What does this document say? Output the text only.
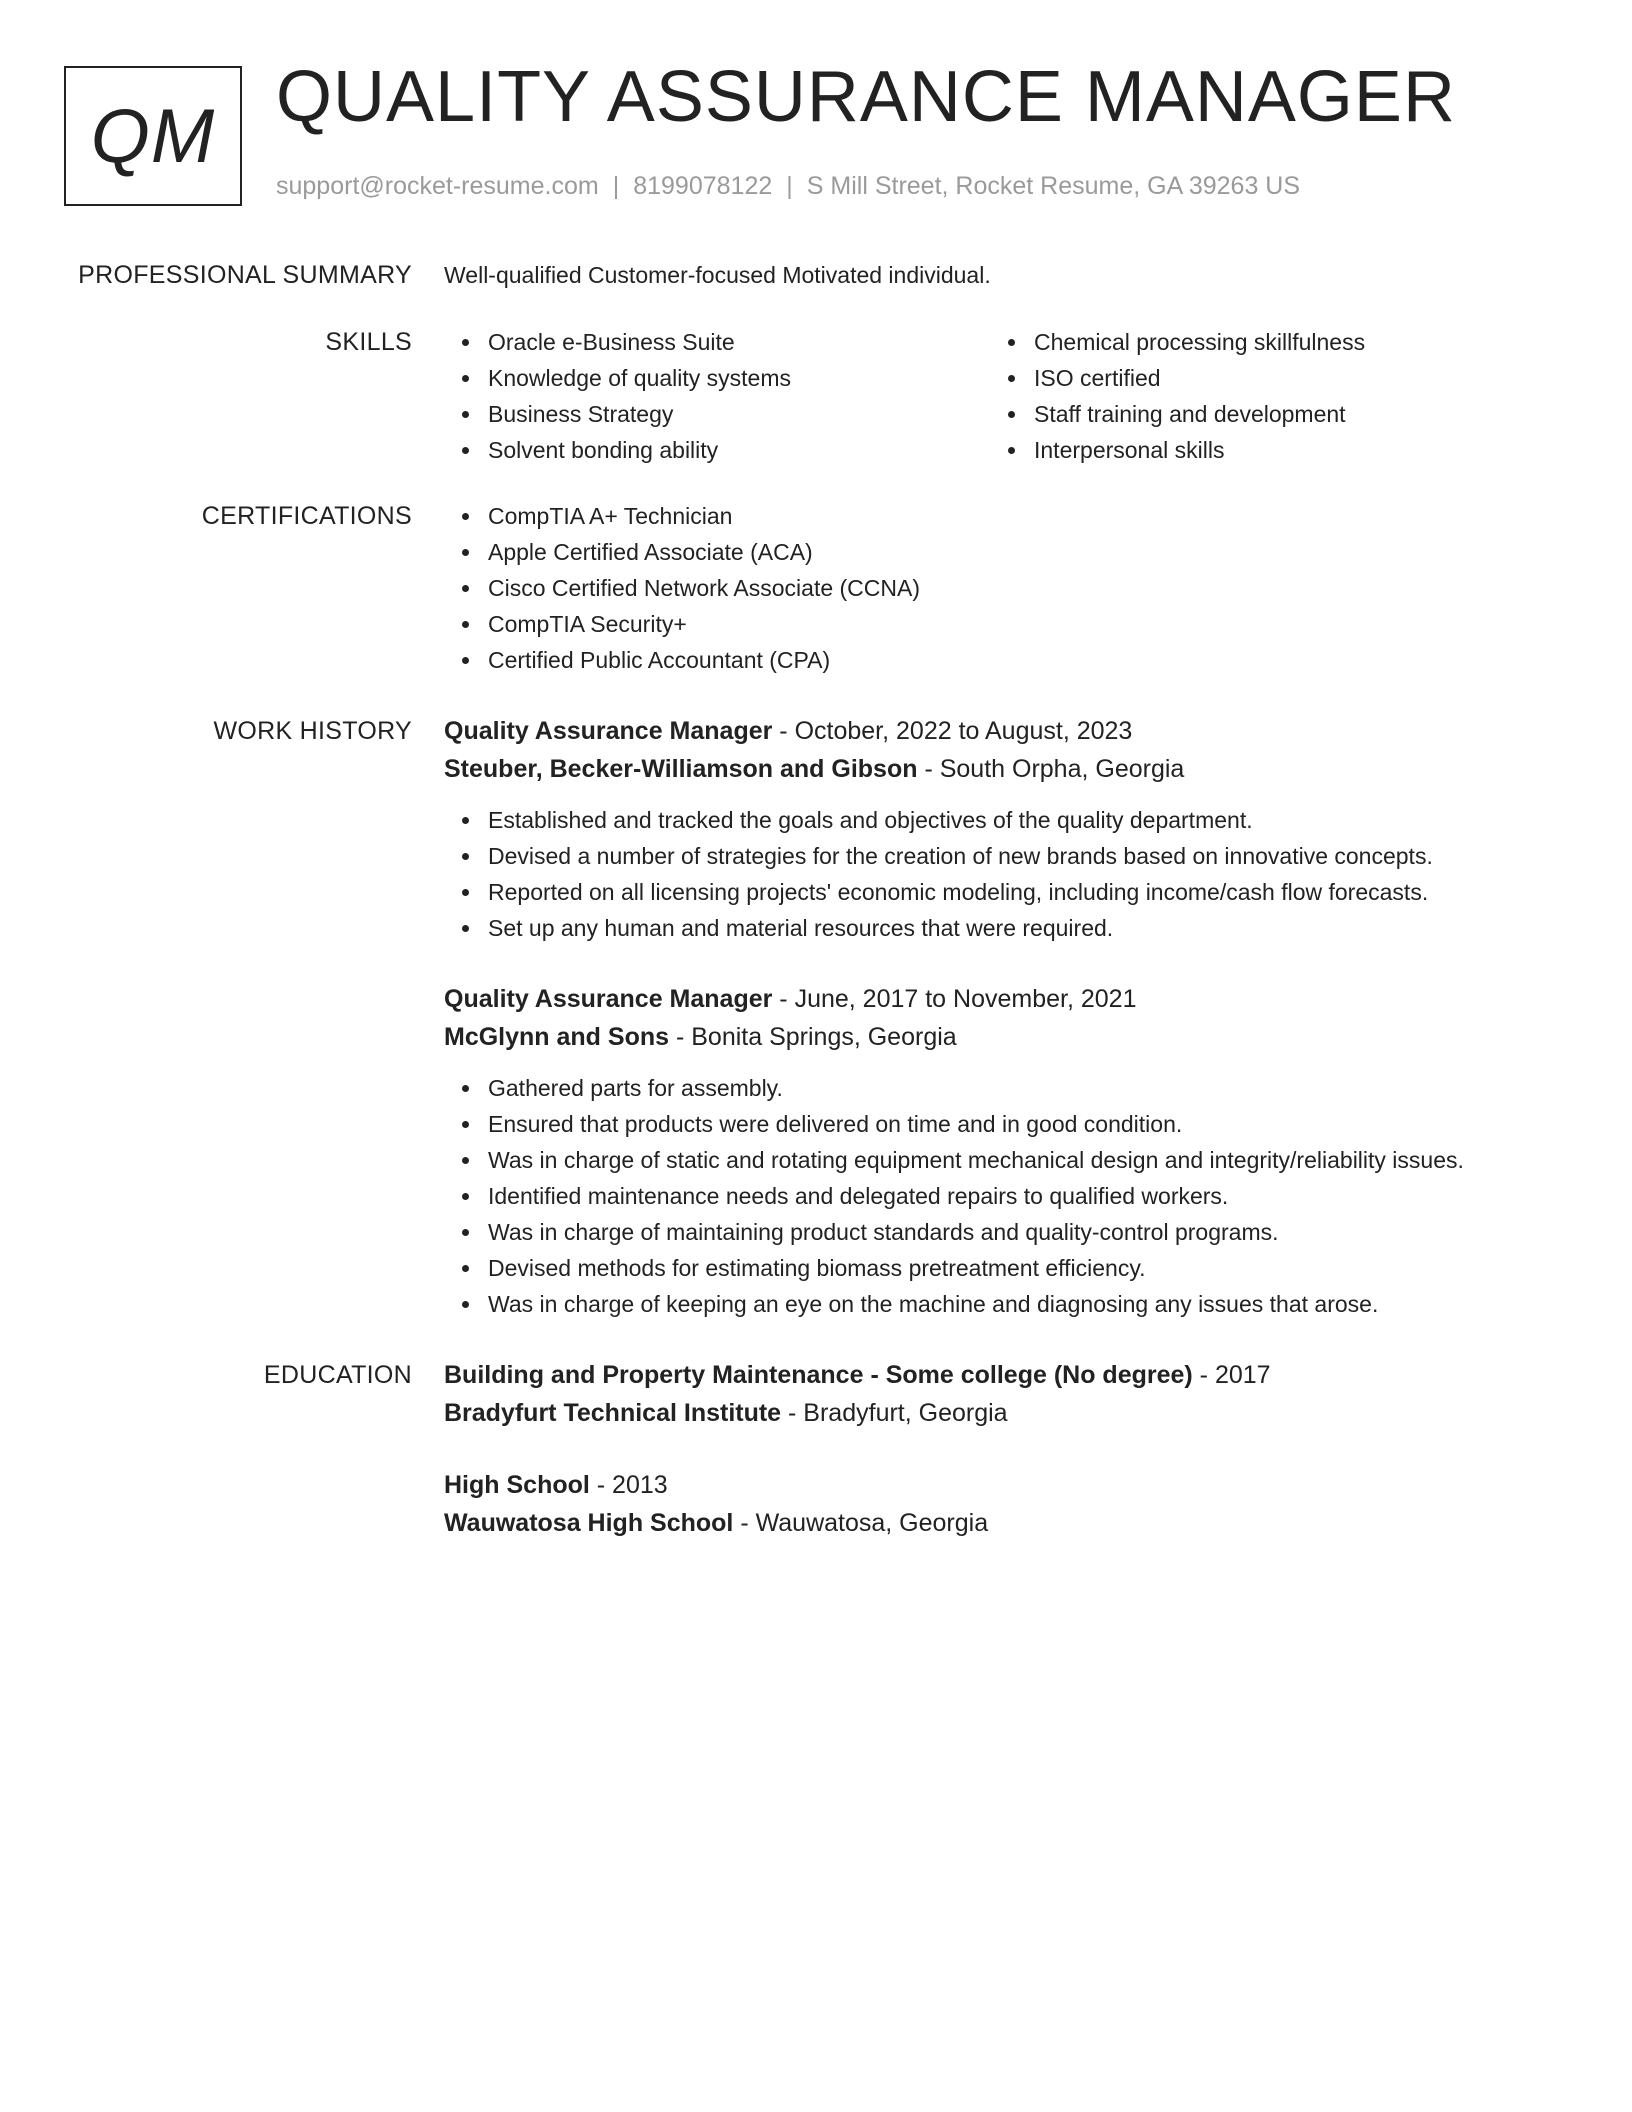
QM QUALITY ASSURANCE MANAGER
support@rocket-resume.com | 8199078122 | S Mill Street, Rocket Resume, GA 39263 US
PROFESSIONAL SUMMARY Well-qualified Customer-focused Motivated individual.
SKILLS	Oracle e-Business Suite
Knowledge of quality systems
Business Strategy
Solvent bonding ability
Chemical processing skillfulness
ISO certified
Staff training and development
Interpersonal skills
CERTIFICATIONS	CompTIA A+ Technician
Apple Certified Associate (ACA)
Cisco Certified Network Associate (CCNA)
CompTIA Security+
Certified Public Accountant (CPA)
WORK HISTORY Quality Assurance Manager - October, 2022 to August, 2023
Steuber, Becker-Williamson and Gibson - South Orpha, Georgia
Established and tracked the goals and objectives of the quality department.
Devised a number of strategies for the creation of new brands based on innovative concepts.
Reported on all licensing projects' economic modeling, including income/cash flow forecasts.
Set up any human and material resources that were required.
Quality Assurance Manager - June, 2017 to November, 2021
McGlynn and Sons - Bonita Springs, Georgia
Gathered parts for assembly.
Ensured that products were delivered on time and in good condition.
Was in charge of static and rotating equipment mechanical design and integrity/reliability issues.
Identified maintenance needs and delegated repairs to qualified workers.
Was in charge of maintaining product standards and quality-control programs.
Devised methods for estimating biomass pretreatment efficiency.
Was in charge of keeping an eye on the machine and diagnosing any issues that arose.
EDUCATION Building and Property Maintenance - Some college (No degree) - 2017
Bradyfurt Technical Institute - Bradyfurt, Georgia
High School - 2013
Wauwatosa High School - Wauwatosa, Georgia
